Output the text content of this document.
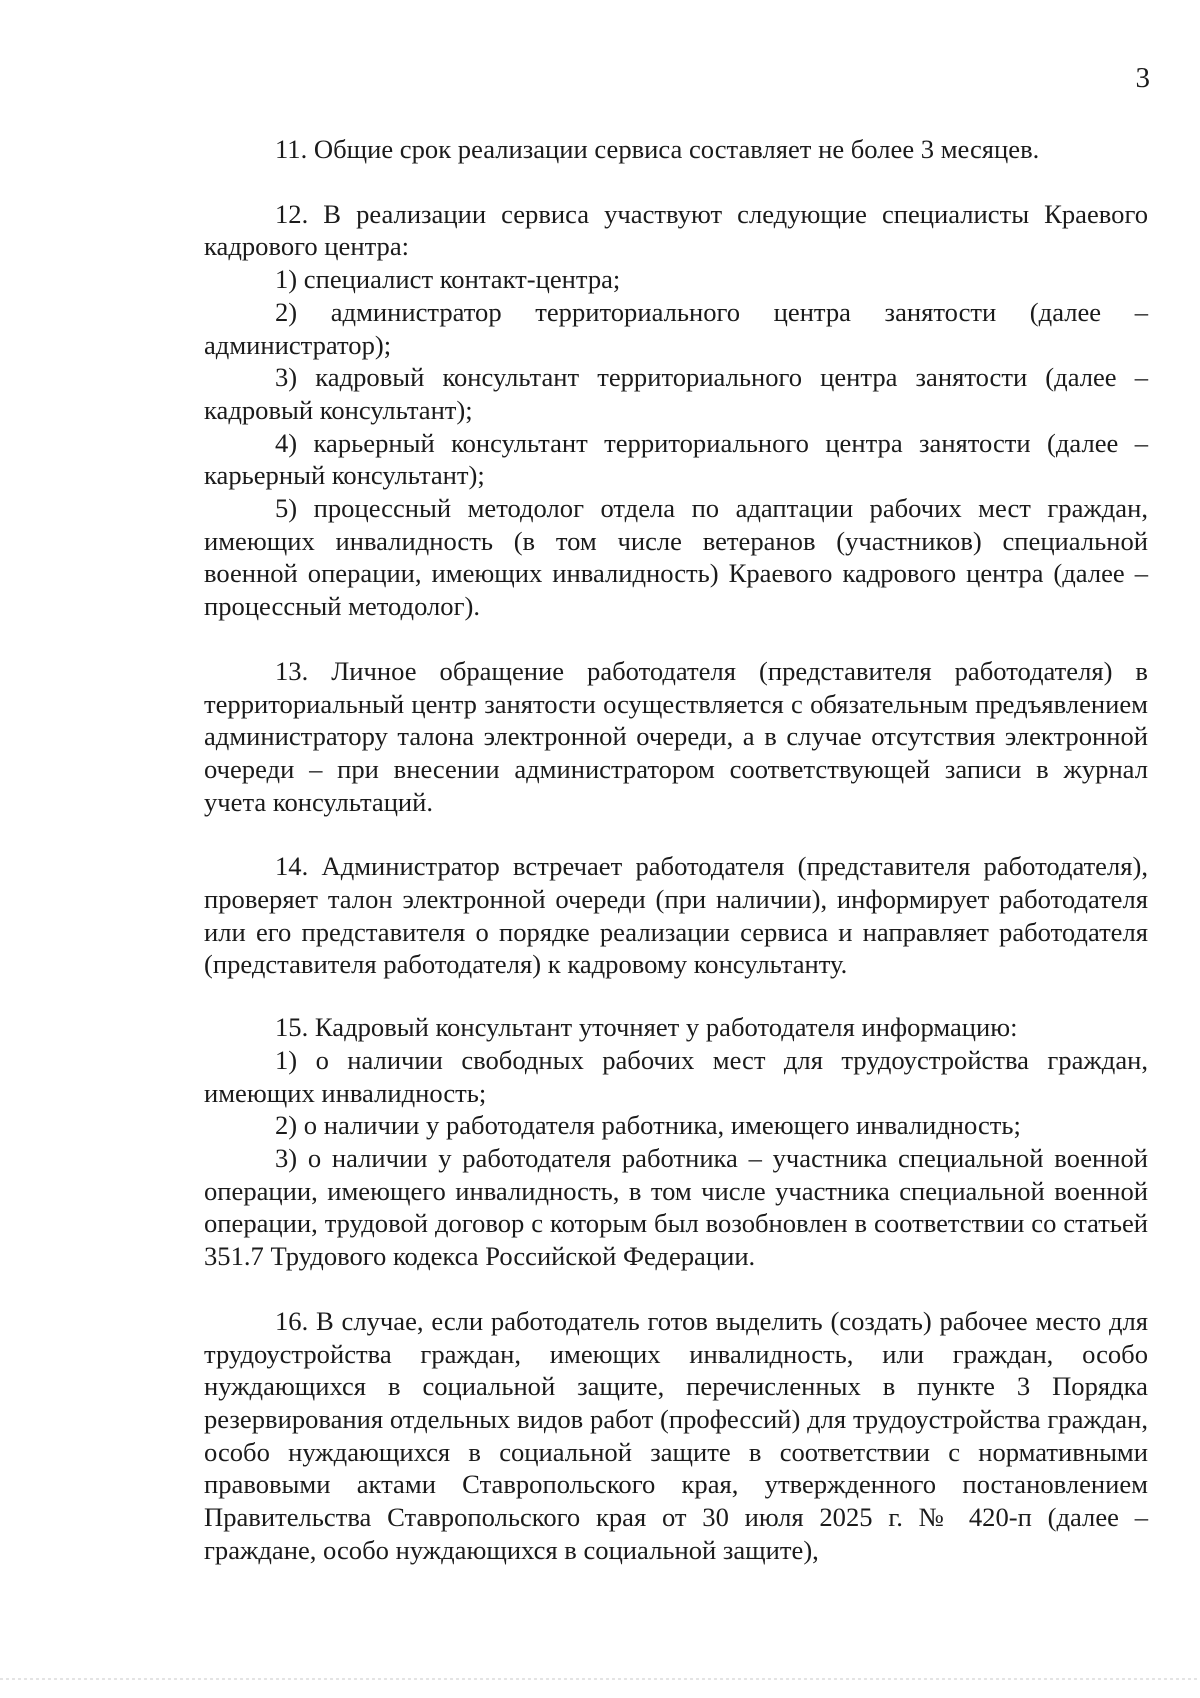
3

11. Общие срок реализации сервиса составляет не более 3 месяцев.

12. В реализации сервиса участвуют следующие специалисты Краевого кадрового центра:

1) специалист контакт-центра;

2) администратор территориального центра занятости (далее – администратор);

3) кадровый консультант территориального центра занятости (далее – кадровый консультант);

4) карьерный консультант территориального центра занятости (далее – карьерный консультант);

5) процессный методолог отдела по адаптации рабочих мест граждан, имеющих инвалидность (в том числе ветеранов (участников) специальной военной операции, имеющих инвалидность) Краевого кадрового центра (далее – процессный методолог).

13. Личное обращение работодателя (представителя работодателя) в территориальный центр занятости осуществляется с обязательным предъявлением администратору талона электронной очереди, а в случае отсутствия электронной очереди – при внесении администратором соответствующей записи в журнал учета консультаций.

14. Администратор встречает работодателя (представителя работодателя), проверяет талон электронной очереди (при наличии), информирует работодателя или его представителя о порядке реализации сервиса и направляет работодателя (представителя работодателя) к кадровому консультанту.

15. Кадровый консультант уточняет у работодателя информацию:

1) о наличии свободных рабочих мест для трудоустройства граждан, имеющих инвалидность;

2) о наличии у работодателя работника, имеющего инвалидность;

3) о наличии у работодателя работника – участника специальной военной операции, имеющего инвалидность, в том числе участника специальной военной операции, трудовой договор с которым был возобновлен в соответствии со статьей 351.7 Трудового кодекса Российской Федерации.

16. В случае, если работодатель готов выделить (создать) рабочее место для трудоустройства граждан, имеющих инвалидность, или граждан, особо нуждающихся в социальной защите, перечисленных в пункте 3 Порядка резервирования отдельных видов работ (профессий) для трудоустройства граждан, особо нуждающихся в социальной защите в соответствии с нормативными правовыми актами Ставропольского края, утвержденного постановлением Правительства Ставропольского края от 30 июля 2025 г. № 420-п (далее – граждане, особо нуждающихся в социальной защите),
